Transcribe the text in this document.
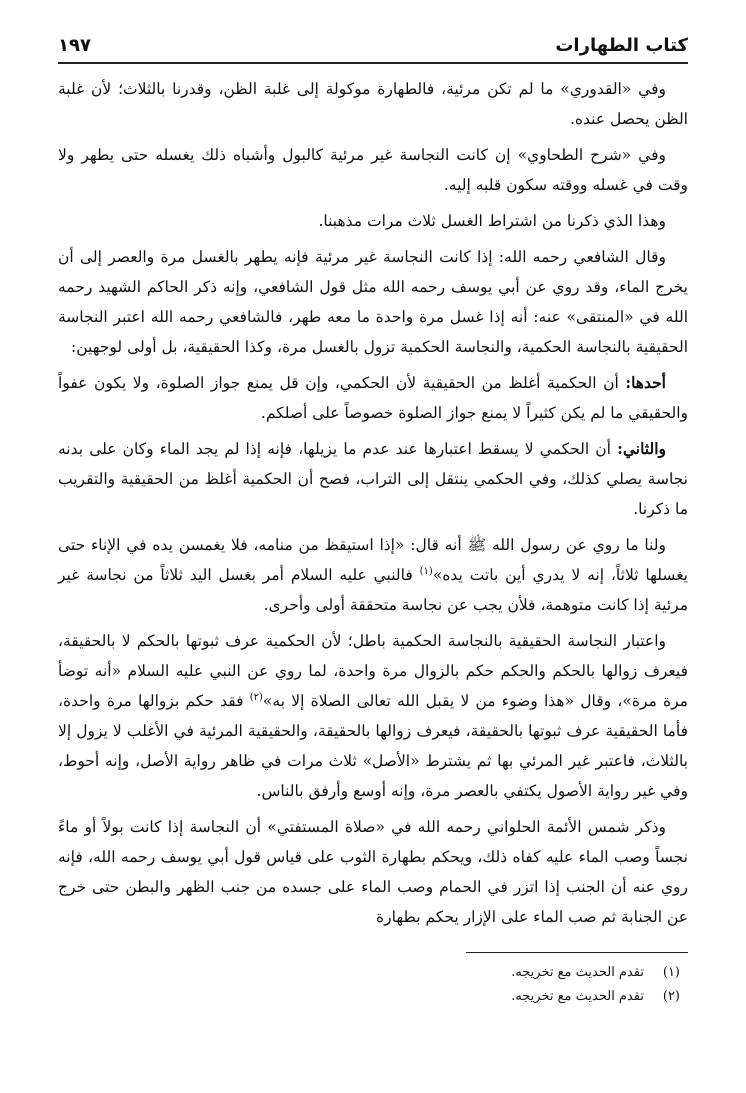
كتاب الطهارات
١٩٧

وفي «القدوري» ما لم تكن مرئية، فالطهارة موكولة إلى غلبة الظن، وقدرنا بالثلاث؛ لأن غلبة الظن يحصل عنده.

وفي «شرح الطحاوي» إن كانت النجاسة غير مرئية كالبول وأشباه ذلك يغسله حتى يطهر ولا وقت في غسله ووقته سكون قلبه إليه.

وهذا الذي ذكرنا من اشتراط الغسل ثلاث مرات مذهبنا.

وقال الشافعي رحمه الله: إذا كانت النجاسة غير مرئية فإنه يطهر بالغسل مرة والعصر إلى أن يخرج الماء، وقد روي عن أبي يوسف رحمه الله مثل قول الشافعي، وإنه ذكر الحاكم الشهيد رحمه الله في «المنتقى» عنه: أنه إذا غسل مرة واحدة ما معه طهر، فالشافعي رحمه الله اعتبر النجاسة الحقيقية بالنجاسة الحكمية، والنجاسة الحكمية تزول بالغسل مرة، وكذا الحقيقية، بل أولى لوجهين:

أحدها: أن الحكمية أغلظ من الحقيقية لأن الحكمي، وإن قل يمنع جواز الصلوة، ولا يكون عفواً والحقيقي ما لم يكن كثيراً لا يمنع جواز الصلوة خصوصاً على أصلكم.

والثاني: أن الحكمي لا يسقط اعتبارها عند عدم ما يزيلها، فإنه إذا لم يجد الماء وكان على بدنه نجاسة يصلي كذلك، وفي الحكمي ينتقل إلى التراب، فصح أن الحكمية أغلظ من الحقيقية والتقريب ما ذكرنا.

ولنا ما روي عن رسول الله ﷺ أنه قال: «إذا استيقظ من منامه، فلا يغمسن يده في الإناء حتى يغسلها ثلاثاً، إنه لا يدري أين باتت يده»$^{(١)}$ فالنبي عليه السلام أمر بغسل اليد ثلاثاً من نجاسة غير مرئية إذا كانت متوهمة، فلأن يجب عن نجاسة متحققة أولى وأحرى.

واعتبار النجاسة الحقيقية بالنجاسة الحكمية باطل؛ لأن الحكمية عرف ثبوتها بالحكم لا بالحقيقة، فيعرف زوالها بالحكم والحكم حكم بالزوال مرة واحدة، لما روي عن النبي عليه السلام «أنه توضأ مرة مرة»، وقال «هذا وضوء من لا يقبل الله تعالى الصلاة إلا به»$^{(٢)}$ فقد حكم بزوالها مرة واحدة، فأما الحقيقية عرف ثبوتها بالحقيقة، فيعرف زوالها بالحقيقة، والحقيقية المرئية في الأغلب لا يزول إلا بالثلاث، فاعتبر غير المرئي بها ثم يشترط «الأصل» ثلاث مرات في ظاهر رواية الأصل، وإنه أحوط، وفي غير رواية الأصول يكتفي بالعصر مرة، وإنه أوسع وأرفق بالناس.

وذكر شمس الأئمة الحلواني رحمه الله في «صلاة المستفتي» أن النجاسة إذا كانت بولاً أو ماءً نجساً وصب الماء عليه كفاه ذلك، ويحكم بطهارة الثوب على قياس قول أبي يوسف رحمه الله، فإنه روي عنه أن الجنب إذا اتزر في الحمام وصب الماء على جسده من جنب الظهر والبطن حتى خرج عن الجنابة ثم صب الماء على الإزار يحكم بطهارة

(١)تقدم الحديث مع تخريجه.
(٢)تقدم الحديث مع تخريجه.
